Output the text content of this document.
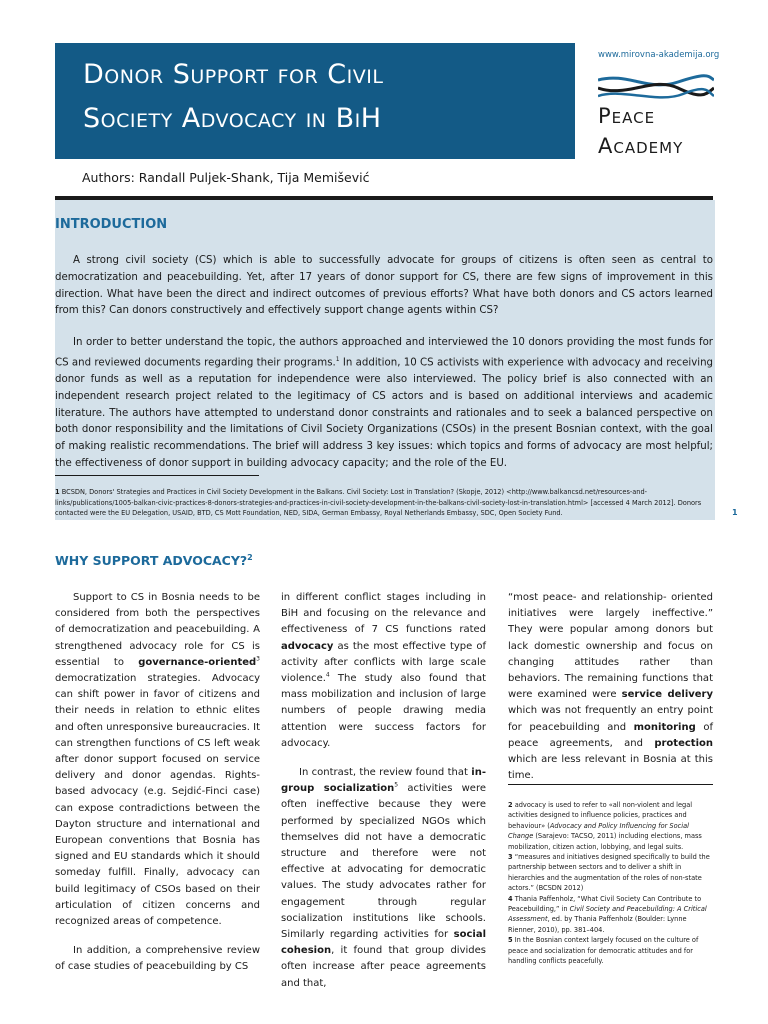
Donor Support for Civil
Society Advocacy in BiH
www.mirovna-akademija.org
Peace
Academy
Authors: Randall Puljek-Shank, Tija Memišević
INTRODUCTION
A strong civil society (CS) which is able to successfully advocate for groups of citizens is often seen as central to democratization and peacebuilding. Yet, after 17 years of donor support for CS, there are few signs of improvement in this direction. What have been the direct and indirect outcomes of previous efforts? What have both donors and CS actors learned from this? Can donors constructively and effectively support change agents within CS?
In order to better understand the topic, the authors approached and interviewed the 10 donors providing the most funds for CS and reviewed documents regarding their programs.$^1$ In addition, 10 CS activists with experience with advocacy and receiving donor funds as well as a reputation for independence were also interviewed. The policy brief is also connected with an independent research project related to the legitimacy of CS actors and is based on additional interviews and academic literature. The authors have attempted to understand donor constraints and rationales and to seek a balanced perspective on both donor responsibility and the limitations of Civil Society Organizations (CSOs) in the present Bosnian context, with the goal of making realistic recommendations. The brief will address 3 key issues: which topics and forms of advocacy are most helpful; the effectiveness of donor support in building advocacy capacity; and the role of the EU.
1 BCSDN, Donors' Strategies and Practices in Civil Society Development in the Balkans. Civil Society: Lost in Translation? (Skopje, 2012) <http://www.balkancsd.net/resources-and-links/publications/1005-balkan-civic-practices-8-donors-strategies-and-practices-in-civil-society-development-in-the-balkans-civil-society-lost-in-translation.html> [accessed 4 March 2012]. Donors contacted were the EU Delegation, USAID, BTD, CS Mott Foundation, NED, SIDA, German Embassy, Royal Netherlands Embassy, SDC, Open Society Fund.	1
WHY SUPPORT ADVOCACY?$^2$

Support to CS in Bosnia needs to be considered from both the perspectives of democratization and peacebuilding. A strengthened advocacy role for CS is essential to governance-oriented$^3$ democratization strategies. Advocacy can shift power in favor of citizens and their needs in relation to ethnic elites and often unresponsive bureaucracies. It can strengthen functions of CS left weak after donor support focused on service delivery and donor agendas. Rights-based advocacy (e.g. Sejdić-Finci case) can expose contradictions between the Dayton structure and international and European conventions that Bosnia has signed and EU standards which it should someday fulfill. Finally, advocacy can build legitimacy of CSOs based on their articulation of citizen concerns and recognized areas of competence.

In addition, a comprehensive review of case studies of peacebuilding by CS

in different conflict stages including in BiH and focusing on the relevance and effectiveness of 7 CS functions rated advocacy as the most effective type of activity after conflicts with large scale violence.$^4$ The study also found that mass mobilization and inclusion of large numbers of people drawing media attention were success factors for advocacy.

In contrast, the review found that in-group socialization$^5$ activities were often ineffective because they were performed by specialized NGOs which themselves did not have a democratic structure and therefore were not effective at advocating for democratic values. The study advocates rather for engagement through regular socialization institutions like schools. Similarly regarding activities for social cohesion, it found that group divides often increase after peace agreements and that,

“most peace- and relationship- oriented initiatives were largely ineffective.” They were popular among donors but lack domestic ownership and focus on changing attitudes rather than behaviors. The remaining functions that were examined were service delivery which was not frequently an entry point for peacebuilding and monitoring of peace agreements, and protection which are less relevant in Bosnia at this time.

2 advocacy is used to refer to «all non-violent and legal activities designed to influence policies, practices and behaviour» (Advocacy and Policy Influencing for Social Change (Sarajevo: TACSO, 2011) including elections, mass mobilization, citizen action, lobbying, and legal suits.
3 “measures and initiatives designed specifically to build the partnership between sectors and to deliver a shift in hierarchies and the augmentation of the roles of non-state actors.” (BCSDN 2012)
4 Thania Paffenholz, “What Civil Society Can Contribute to Peacebuilding,” in Civil Society and Peacebuilding: A Critical Assessment, ed. by Thania Paffenholz (Boulder: Lynne Rienner, 2010), pp. 381–404.
5 In the Bosnian context largely focused on the culture of peace and socialization for democratic attitudes and for handling conflicts peacefully.
